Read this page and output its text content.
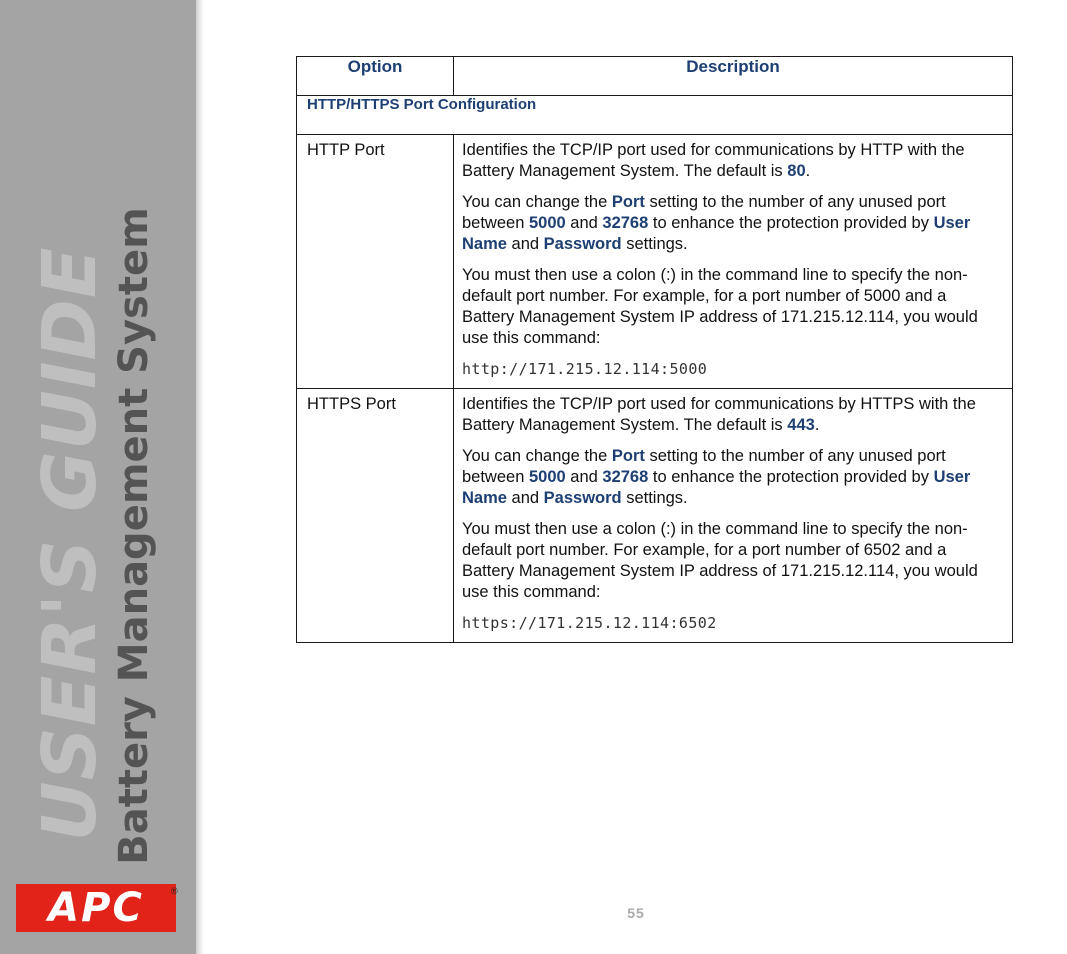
USER'S GUIDE
Battery Management System
APC	®
Option	Description
HTTP/HTTPS Port Configuration	
HTTP Port	Identifies the TCP/IP port used for communications by HTTP with the Battery Management System. The default is 80.

You can change the Port setting to the number of any unused port between 5000 and 32768 to enhance the protection provided by User Name and Password settings.

You must then use a colon (:) in the command line to specify the non-default port number. For example, for a port number of 5000 and a Battery Management System IP address of 171.215.12.114, you would use this command:

http://171.215.12.114:5000

HTTPS Port	Identifies the TCP/IP port used for communications by HTTPS with the Battery Management System. The default is 443.

You can change the Port setting to the number of any unused port between 5000 and 32768 to enhance the protection provided by User Name and Password settings.

You must then use a colon (:) in the command line to specify the non-default port number. For example, for a port number of 6502 and a Battery Management System IP address of 171.215.12.114, you would use this command:

https://171.215.12.114:6502

55
